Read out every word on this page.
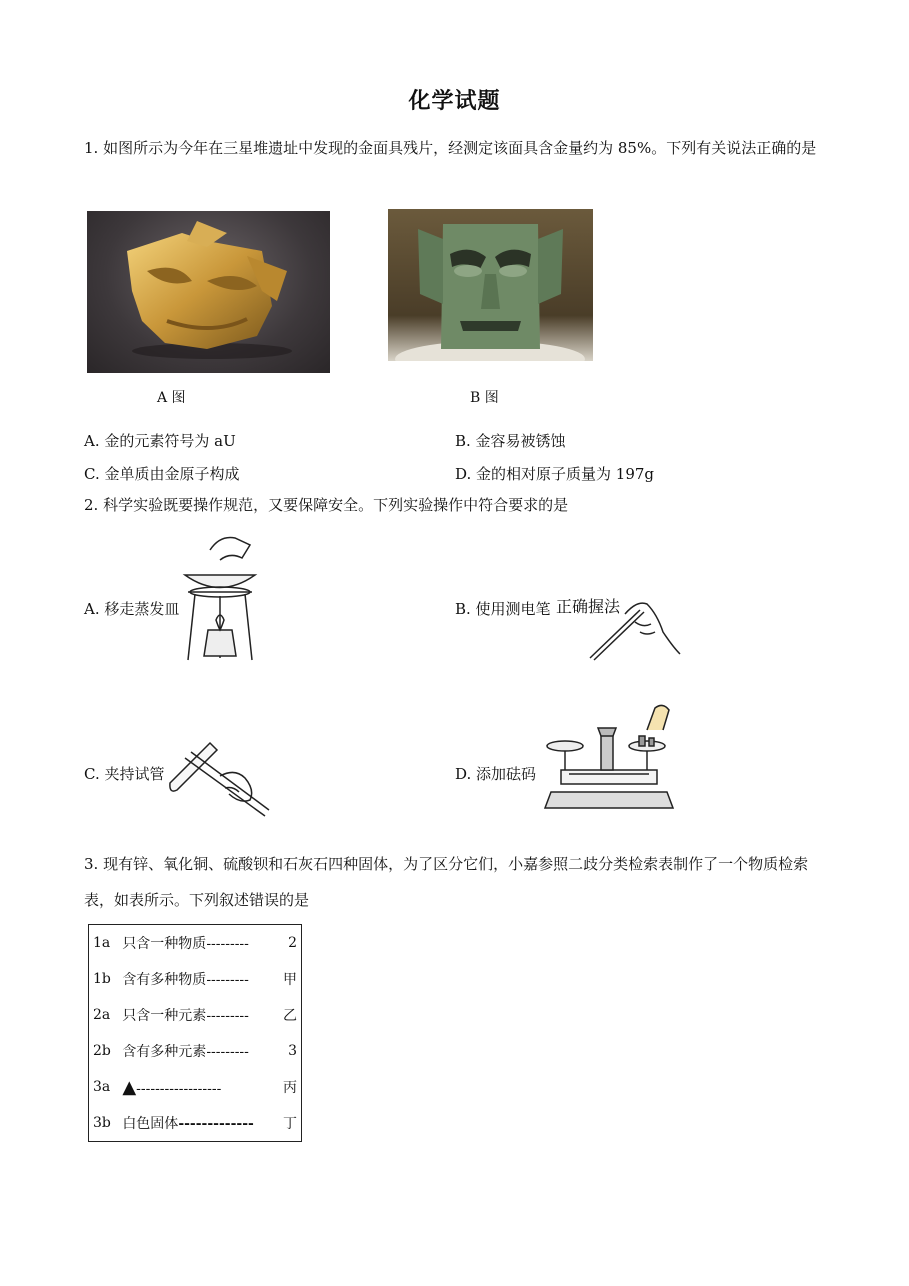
化学试题
1. 如图所示为今年在三星堆遗址中发现的金面具残片，经测定该面具含金量约为 85%。下列有关说法正确的是
A 图	B 图
A. 金的元素符号为 aU	B. 金容易被锈蚀
C. 金单质由金原子构成	D. 金的相对原子质量为 197g
2. 科学实验既要操作规范，又要保障安全。下列实验操作中符合要求的是
A. 移走蒸发皿	B. 使用测电笔 正确握法
C. 夹持试管	D. 添加砝码
3. 现有锌、氧化铜、硫酸钡和石灰石四种固体，为了区分它们，小嘉参照二歧分类检索表制作了一个物质检索表，如表所示。下列叙述错误的是
1a	只含一种物质---------	2
1b	含有多种物质---------	甲
2a	只含一种元素---------	乙
2b	含有多种元素---------	3
3a	▲------------------	丙
3b	白色固体-------------	丁
